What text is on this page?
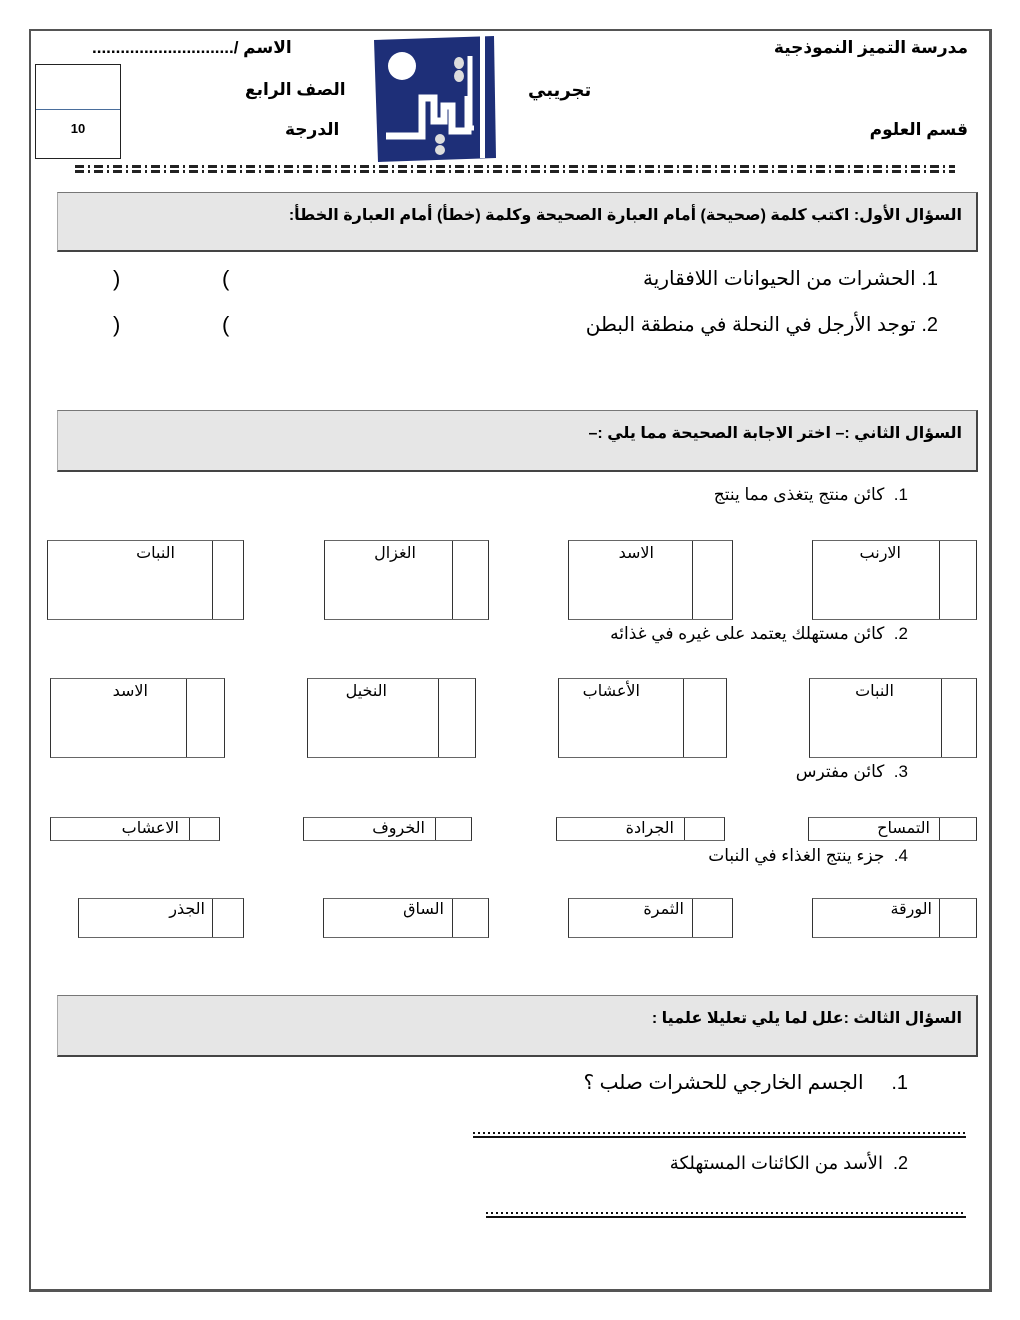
مدرسة التميز النموذجية
قسم العلوم
تجريبي
الاسم /..............................
الصف الرابع
الدرجة
10
السؤال الأول: اكتب كلمة (صحيحة) أمام العبارة الصحيحة وكلمة (خطأ) أمام العبارة الخطأ:
1. الحشرات من الحيوانات اللافقارية
(
)
2. توجد الأرجل في النحلة في منطقة البطن
(
)
السؤال الثاني :– اختر الاجابة الصحيحة مما يلي :–
1.  كائن منتج يتغذى مما ينتج
الارنب
الاسد
الغزال
النبات
2.  كائن مستهلك يعتمد على غيره في غذائه
النبات
الأعشاب
النخيل
الاسد
3.  كائن مفترس
التمساح
الجرادة
الخروف
الاعشاب
4.  جزء ينتج الغذاء في النبات
الورقة
الثمرة
الساق
الجذر
السؤال الثالث :علل لما يلي تعليلا علميا :
1.     الجسم الخارجي للحشرات صلب ؟
2.  الأسد من الكائنات المستهلكة
